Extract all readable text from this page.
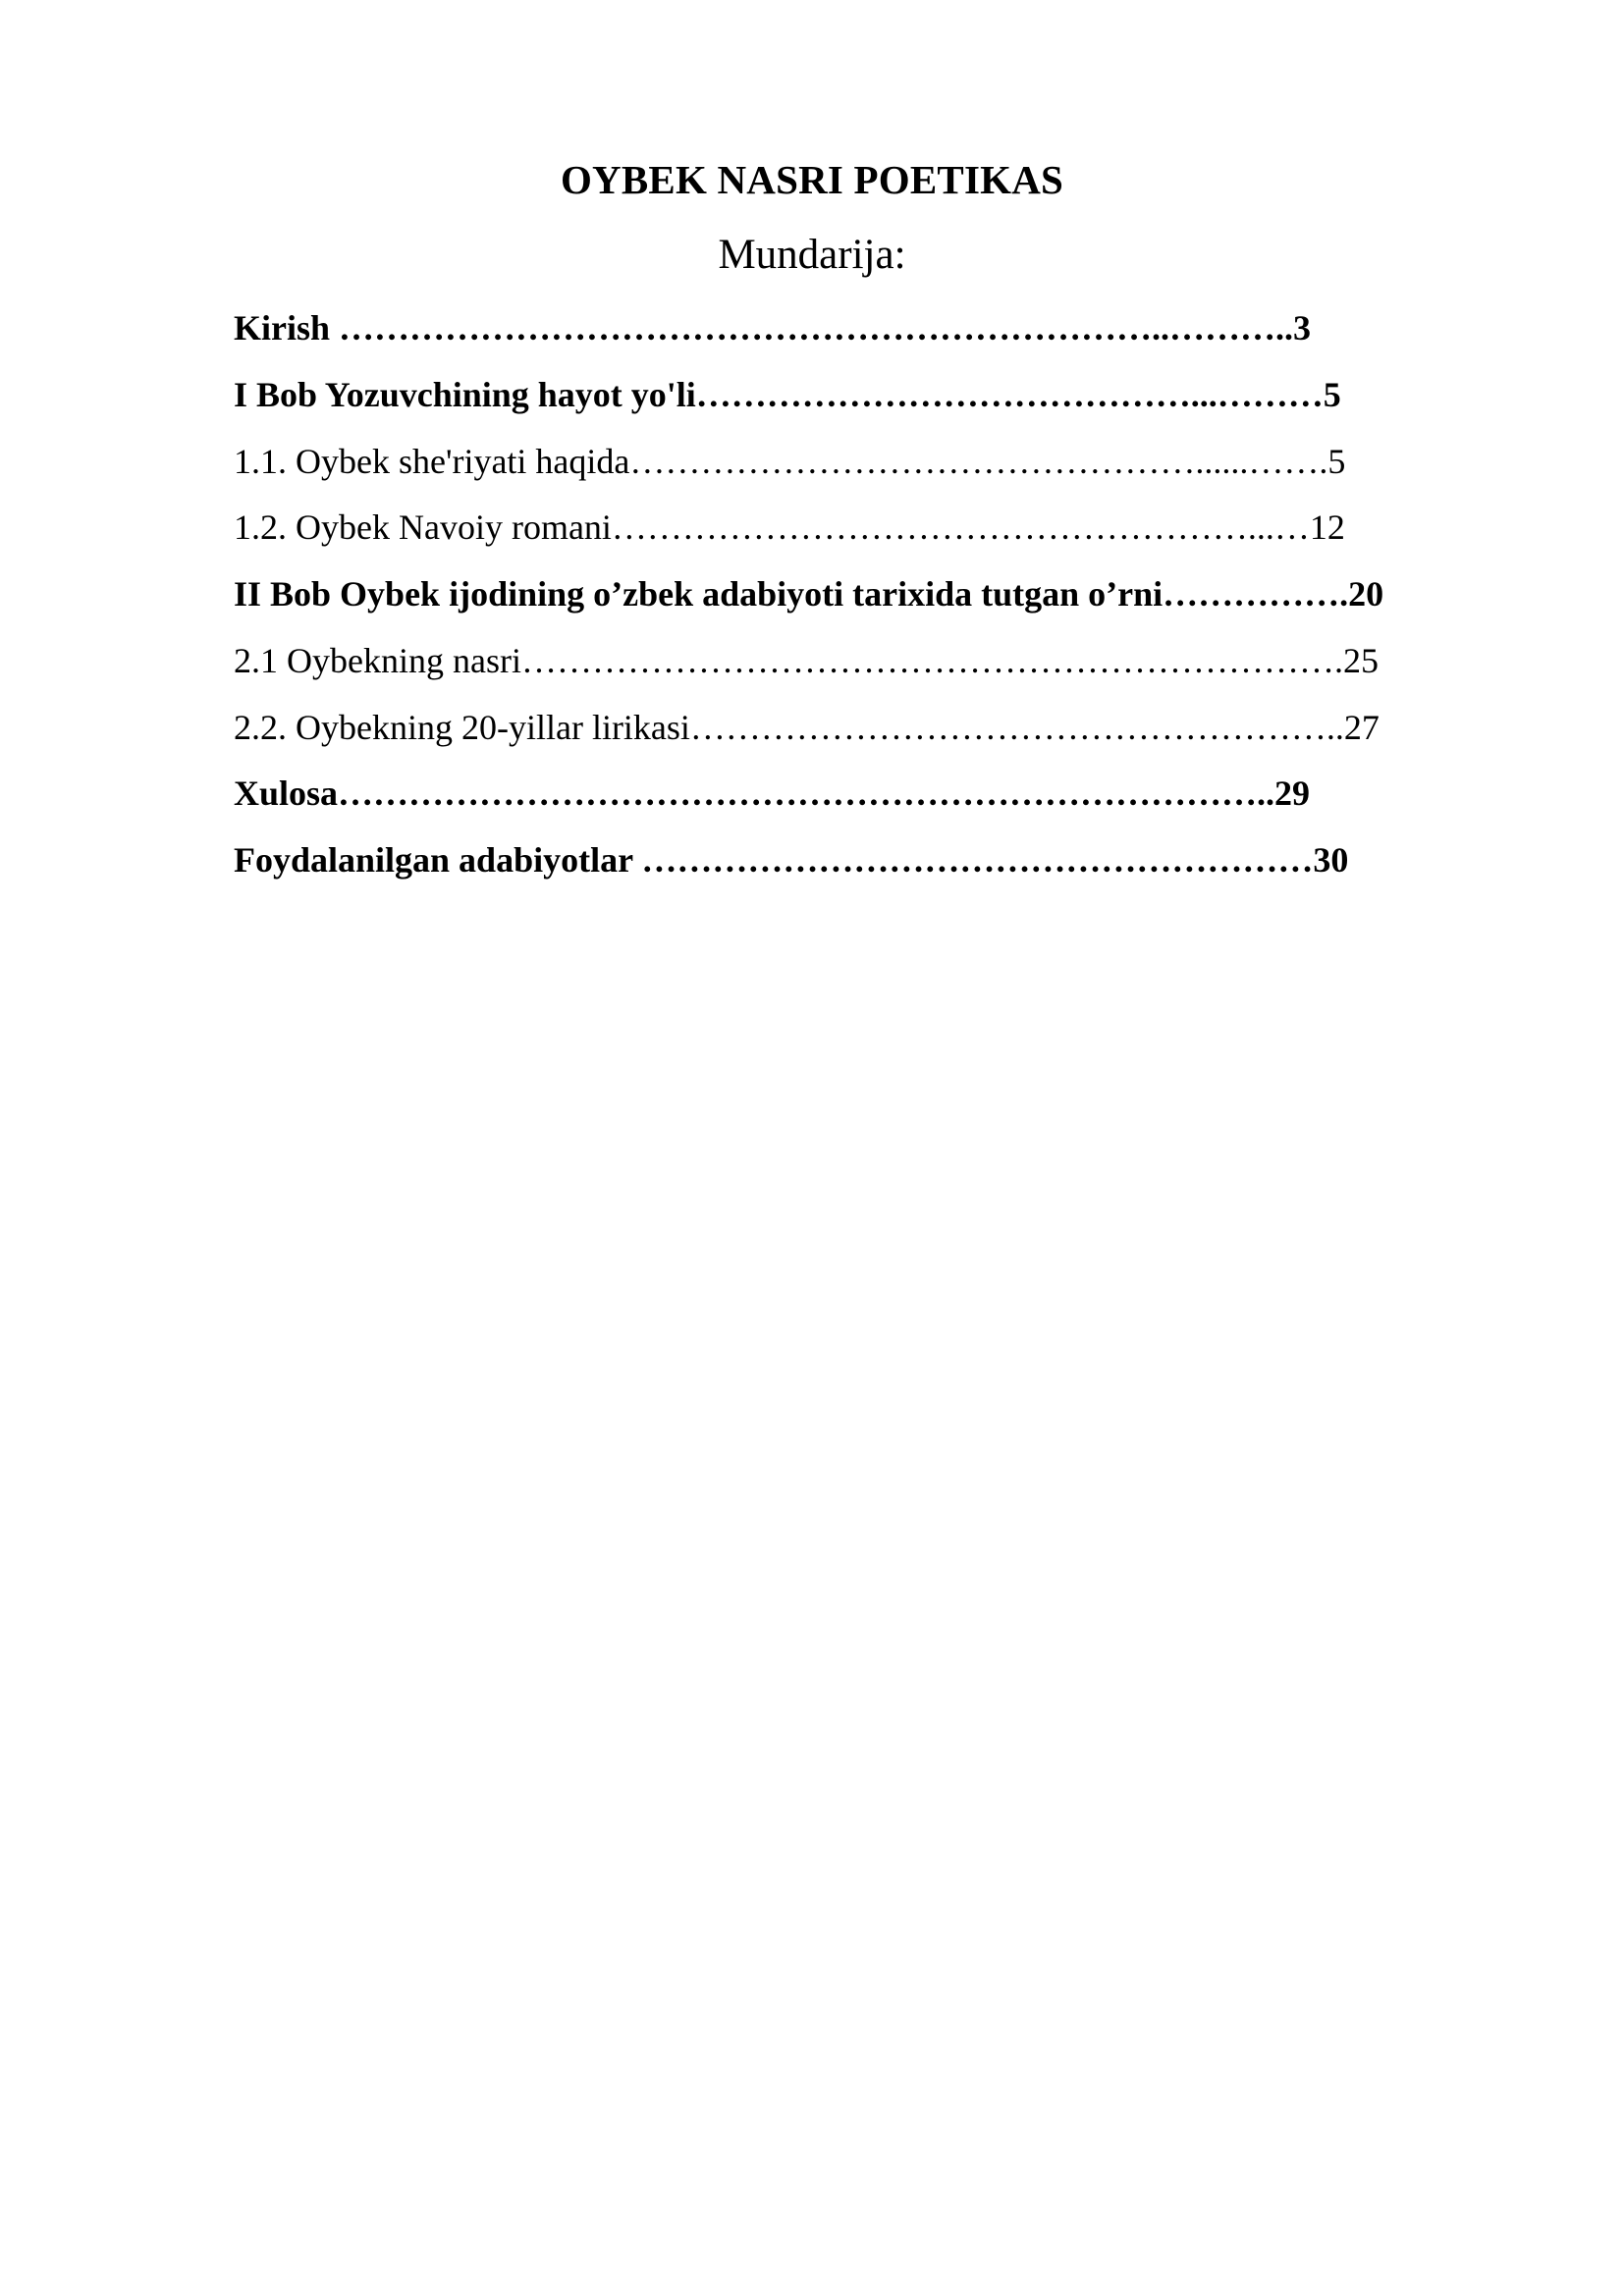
OYBEK NASRI POETIKAS
Mundarija:
Kirish ……………………………………………………………..………..3
I Bob Yozuvchining hayot yo'li……………………………………...………5
1.1. Oybek she'riyati haqida…………………………………………......…….5
1.2. Oybek Navoiy romani………………………………………………...…12
II Bob Oybek ijodining o’zbek adabiyoti tarixida tutgan o’rni…………….20
2.1 Oybekning nasri…………………………………………………………….25
2.2. Oybekning 20-yillar lirikasi………………………………………………..27
Xulosa……………………………………………………………………..29
Foydalanilgan adabiyotlar …………………………………………………30
